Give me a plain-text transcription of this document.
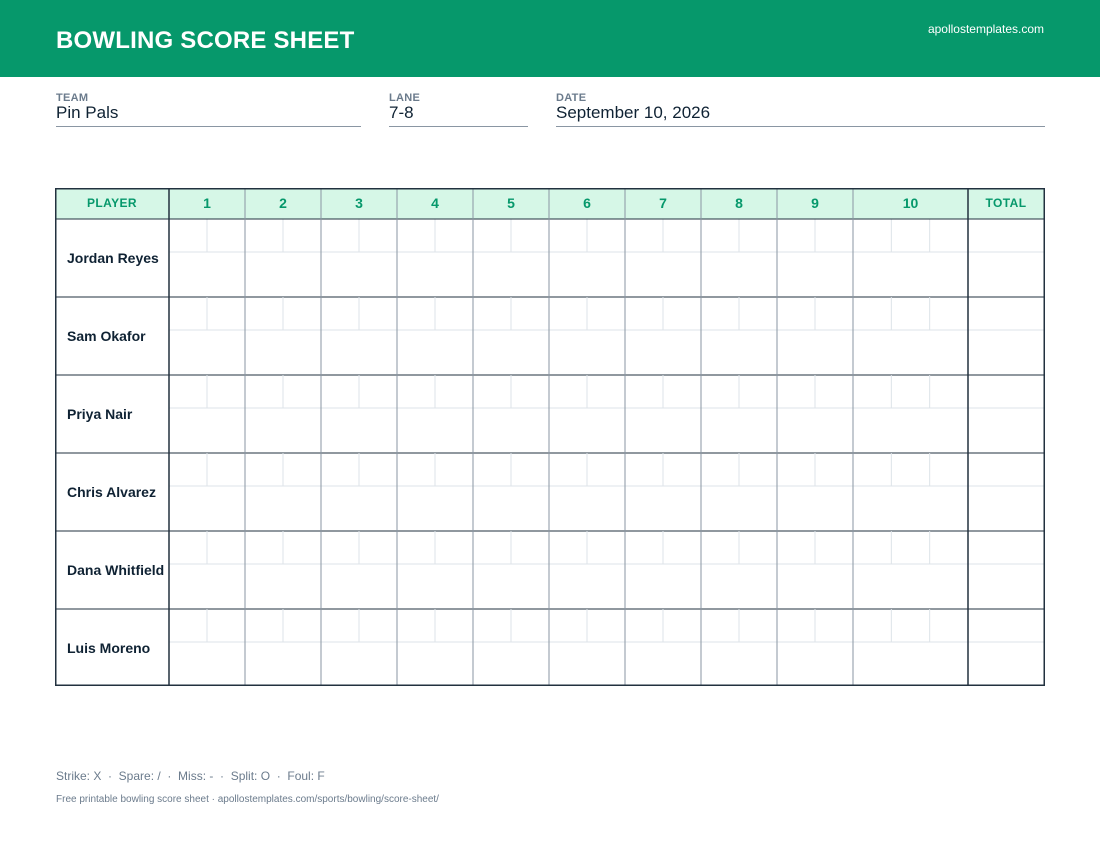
BOWLING SCORE SHEET	apollostemplates.com
TEAM
Pin Pals
LANE
7-8
DATE
September 10, 2026
PLAYER	1	2	3	4	5	6	7	8	9	10	TOTAL
Jordan Reyes
Sam Okafor
Priya Nair
Chris Alvarez
Dana Whitfield
Luis Moreno
Strike: X  ·  Spare: /  ·  Miss: -  ·  Split: O  ·  Foul: F
Free printable bowling score sheet · apollostemplates.com/sports/bowling/score-sheet/
